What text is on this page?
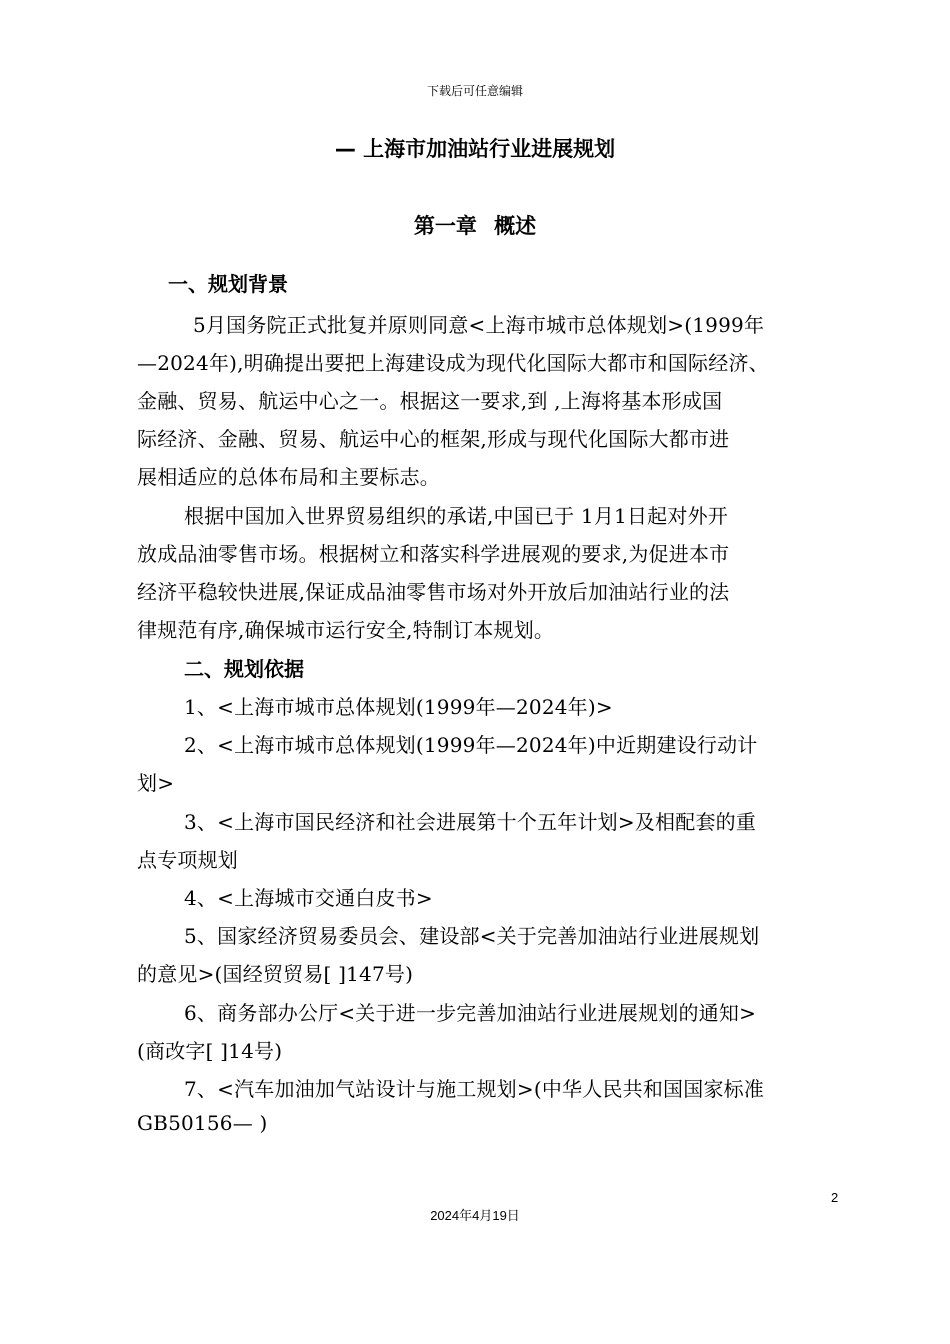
下载后可任意编辑
— 上海市加油站行业进展规划
第一章 概述
一、规划背景
5月国务院正式批复并原则同意<上海市城市总体规划>(1999年
—2024年),明确提出要把上海建设成为现代化国际大都市和国际经济、
金融、贸易、航运中心之一。根据这一要求,到 ,上海将基本形成国
际经济、金融、贸易、航运中心的框架,形成与现代化国际大都市进
展相适应的总体布局和主要标志。
根据中国加入世界贸易组织的承诺,中国已于 1月1日起对外开
放成品油零售市场。根据树立和落实科学进展观的要求,为促进本市
经济平稳较快进展,保证成品油零售市场对外开放后加油站行业的法
律规范有序,确保城市运行安全,特制订本规划。
二、规划依据
1、<上海市城市总体规划(1999年—2024年)>
2、<上海市城市总体规划(1999年—2024年)中近期建设行动计
划>
3、<上海市国民经济和社会进展第十个五年计划>及相配套的重
点专项规划
4、<上海城市交通白皮书>
5、国家经济贸易委员会、建设部<关于完善加油站行业进展规划
的意见>(国经贸贸易[ ]147号)
6、商务部办公厅<关于进一步完善加油站行业进展规划的通知>
(商改字[ ]14号)
7、<汽车加油加气站设计与施工规划>(中华人民共和国国家标准
GB50156— )
2
2024年4月19日
